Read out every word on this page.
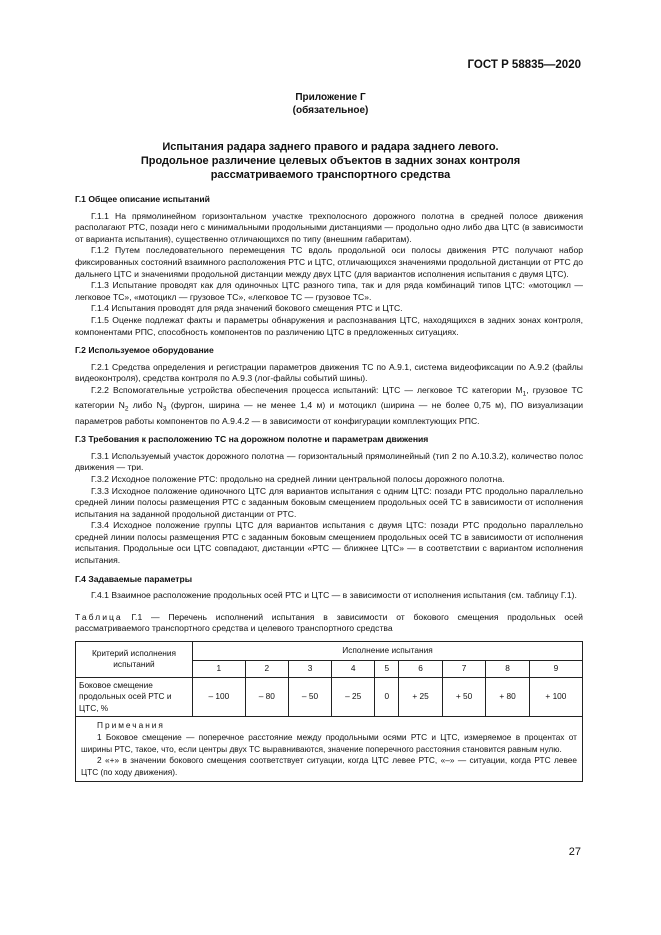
ГОСТ Р 58835—2020
Приложение Г
(обязательное)
Испытания радара заднего правого и радара заднего левого.
Продольное различение целевых объектов в задних зонах контроля
рассматриваемого транспортного средства

Г.1 Общее описание испытаний

Г.1.1 На прямолинейном горизонтальном участке трехполосного дорожного полотна в средней полосе движения располагают РТС, позади него с минимальными продольными дистанциями — продольно одно либо два ЦТС (в зависимости от варианта испытания), существенно отличающихся по типу (внешним габаритам).

Г.1.2 Путем последовательного перемещения ТС вдоль продольной оси полосы движения РТС получают набор фиксированных состояний взаимного расположения РТС и ЦТС, отличающихся значениями продольной дистанции от РТС до дальнего ЦТС и значениями продольной дистанции между двух ЦТС (для вариантов исполнения испытания с двумя ЦТС).

Г.1.3 Испытание проводят как для одиночных ЦТС разного типа, так и для ряда комбинаций типов ЦТС: «мотоцикл — легковое ТС», «мотоцикл — грузовое ТС», «легковое ТС — грузовое ТС».

Г.1.4 Испытания проводят для ряда значений бокового смещения РТС и ЦТС.

Г.1.5 Оценке подлежат факты и параметры обнаружения и распознавания ЦТС, находящихся в задних зонах контроля, компонентами РПС, способность компонентов по различению ЦТС в предложенных ситуациях.

Г.2 Используемое оборудование

Г.2.1 Средства определения и регистрации параметров движения ТС по А.9.1, система видеофиксации по А.9.2 (файлы видеоконтроля), средства контроля по А.9.3 (лог-файлы событий шины).

Г.2.2 Вспомогательные устройства обеспечения процесса испытаний: ЦТС — легковое ТС категории $М_1$, грузовое ТС категории $N_2$ либо $N_3$ (фургон, ширина — не менее 1,4 м) и мотоцикл (ширина — не более 0,75 м), ПО визуализации параметров работы компонентов по А.9.4.2 — в зависимости от конфигурации комплектующих РПС.

Г.3 Требования к расположению ТС на дорожном полотне и параметрам движения

Г.3.1 Используемый участок дорожного полотна — горизонтальный прямолинейный (тип 2 по А.10.3.2), количество полос движения — три.

Г.3.2 Исходное положение РТС: продольно на средней линии центральной полосы дорожного полотна.

Г.3.3 Исходное положение одиночного ЦТС для вариантов испытания с одним ЦТС: позади РТС продольно параллельно средней линии полосы размещения РТС с заданным боковым смещением продольных осей ТС в зависимости от исполнения испытания на заданной продольной дистанции от РТС.

Г.3.4 Исходное положение группы ЦТС для вариантов испытания с двумя ЦТС: позади РТС продольно параллельно средней линии полосы размещения РТС с заданным боковым смещением продольных осей ТС в зависимости от исполнения испытания. Продольные оси ЦТС совпадают, дистанции «РТС — ближнее ЦТС» — в соответствии с вариантом исполнения испытания.

Г.4 Задаваемые параметры

Г.4.1 Взаимное расположение продольных осей РТС и ЦТС — в зависимости от исполнения испытания (см. таблицу Г.1).

Таблица Г.1 — Перечень исполнений испытания в зависимости от бокового смещения продольных осей рассматриваемого транспортного средства и целевого транспортного средства

Критерий исполнения испытаний	Исполнение испытания								
	1	2	3	4	5	6	7	8	9
Боковое смещение продольных осей РТС и ЦТС, %	– 100	– 80	– 50	– 25	0	+ 25	+ 50	+ 80	+ 100

Примечания

1 Боковое смещение — поперечное расстояние между продольными осями РТС и ЦТС, измеряемое в процентах от ширины РТС, такое, что, если центры двух ТС выравниваются, значение поперечного расстояния становится равным нулю.

2 «+» в значении бокового смещения соответствует ситуации, когда ЦТС левее РТС, «–» — ситуации, когда РТС левее ЦТС (по ходу движения).									

27
